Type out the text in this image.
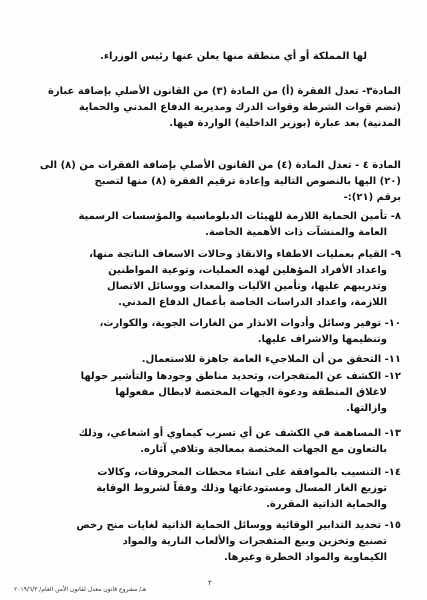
لها المملكة أو أي منطقة منها يعلن عنها رئيس الوزراء.
المادة٣- تعدل الفقرة (أ) من المادة (٣) من القانون الأصلي بإضافة عبارة
(تضم قوات الشرطة وقوات الدرك ومديرية الدفاع المدني والحماية
المدنية) بعد عبارة (بوزير الداخلية) الواردة فيها.
المادة ٤ - تعدل المادة (٤) من القانون الأصلي بإضافة الفقرات من (٨) الى
(٢٠) اليها بالنصوص التالية وإعادة ترقيم الفقرة (٨) منها لتصبح
برقم (٢١):-
٨- تأمين الحماية اللازمة للهيئات الدبلوماسية والمؤسسات الرسمية
العامة والمنشآت ذات الأهمية الخاصة.
٩- القيام بعمليات الاطفاء والانقاذ وحالات الاسعاف الناتجة منها،
واعداد الأفراد المؤهلين لهذه العمليات، وتوعية المواطنين
وتدريبهم عليها، وتأمين الآليات والمعدات ووسائل الاتصال
اللازمة، واعداد الدراسات الخاصة بأعمال الدفاع المدني.
١٠- توفير وسائل وأدوات الانذار من الغارات الجوية، والكوارث،
وتنظيمها والاشراف عليها.
١١- التحقق من أن الملاجيء العامة جاهزة للاستعمال.
١٢- الكشف عن المتفجرات، وتحديد مناطق وجودها والتأشير حولها
لاغلاق المنطقة ودعوة الجهات المختصة لابطال مفعولها
وازالتها.
١٣- المساهمة في الكشف عن أي تسرب كيماوي أو اشعاعي، وذلك
بالتعاون مع الجهات المختصة بمعالجة وتلافي آثاره.
١٤- التنسيب بالموافقة على انشاء محطات المحروقات، وكالات
توزيع الغاز المسال ومستودعاتها وذلك وفقاً لشروط الوقاية
والحماية الذاتية المقررة.
١٥- تحديد التدابير الوقائية ووسائل الحماية الذاتية لغايات منح رخص
تصنيع وتخزين وبيع المتفجرات والألعاب النارية والمواد
الكيماوية والمواد الخطرة وغيرها.
٢
هـ/ مشروع قانون معدل لقانون الأمن العام/ ٢٠١٩/٦/٣
